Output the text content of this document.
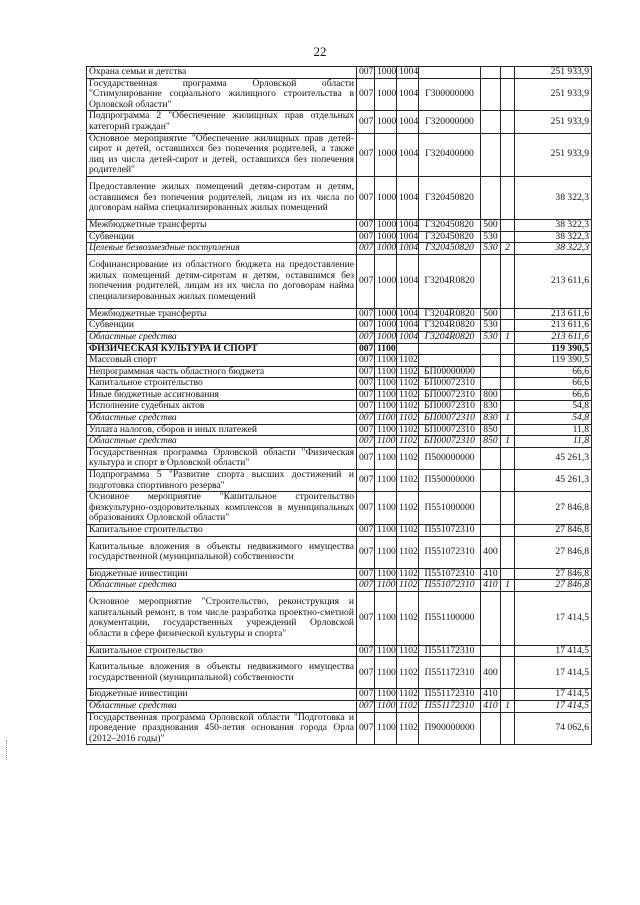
22
Охрана семьи и детства	007	1000	1004				251 933,9
Государственная программа Орловской области "Стимулирование социального жилищного строительства в Орловской области"	007	1000	1004	Г300000000			251 933,9
Подпрограмма 2 "Обеспечение жилищных прав отдельных категорий граждан"	007	1000	1004	Г320000000			251 933,9
Основное мероприятие "Обеспечение жилищных прав детей-сирот и детей, оставшихся без попечения родителей, а также лиц из числа детей-сирот и детей, оставшихся без попечения родителей"	007	1000	1004	Г320400000			251 933,9
Предоставление жилых помещений детям-сиротам и детям, оставшимся без попечения родителей, лицам из их числа по договорам найма специализированных жилых помещений	007	1000	1004	Г320450820			38 322,3
Межбюджетные трансферты	007	1000	1004	Г320450820	500		38 322,3
Субвенции	007	1000	1004	Г320450820	530		38 322,3
Целевые безвозмездные поступления	007	1000	1004	Г320450820	530	2	38 322,3
Софинансирование из областного бюджета на предоставление жилых помещений детям-сиротам и детям, оставшимся без попечения родителей, лицам из их числа по договорам найма специализированных жилых помещений	007	1000	1004	Г3204R0820			213 611,6
Межбюджетные трансферты	007	1000	1004	Г3204R0820	500		213 611,6
Субвенции	007	1000	1004	Г3204R0820	530		213 611,6
Областные средства	007	1000	1004	Г3204R0820	530	1	213 611,6
ФИЗИЧЕСКАЯ КУЛЬТУРА И СПОРТ	007	1100					119 390,5
Массовый спорт	007	1100	1102				119 390,5
Непрограммная часть областного бюджета	007	1100	1102	БП00000000			66,6
Капитальное строительство	007	1100	1102	БП00072310			66,6
Иные бюджетные ассигнования	007	1100	1102	БП00072310	800		66,6
Исполнение судебных актов	007	1100	1102	БП00072310	830		54,8
Областные средства	007	1100	1102	БП00072310	830	1	54,8
Уплата налогов, сборов и иных платежей	007	1100	1102	БП00072310	850		11,8
Областные средства	007	1100	1102	БП00072310	850	1	11,8
Государственная программа Орловской области "Физическая культура и спорт в Орловской области"	007	1100	1102	П500000000			45 261,3
Подпрограмма 5 "Развитие спорта высших достижений и подготовка спортивного резерва"	007	1100	1102	П550000000			45 261,3
Основное мероприятие "Капитальное строительство физкультурно-оздоровительных комплексов в муниципальных образованиях Орловской области"	007	1100	1102	П551000000			27 846,8
Капитальное строительство	007	1100	1102	П551072310			27 846,8
Капитальные вложения в объекты недвижимого имущества государственной (муниципальной) собственности	007	1100	1102	П551072310	400		27 846,8
Бюджетные инвестиции	007	1100	1102	П551072310	410		27 846,8
Областные средства	007	1100	1102	П551072310	410	1	27 846,8
Основное мероприятие "Строительство, реконструкция и капитальный ремонт, в том числе разработка проектно-сметной документации, государственных учреждений Орловской области в сфере физической культуры и спорта"	007	1100	1102	П551100000			17 414,5
Капитальное строительство	007	1100	1102	П551172310			17 414,5
Капитальные вложения в объекты недвижимого имущества государственной (муниципальной) собственности	007	1100	1102	П551172310	400		17 414,5
Бюджетные инвестиции	007	1100	1102	П551172310	410		17 414,5
Областные средства	007	1100	1102	П551172310	410	1	17 414,5
Государственная программа Орловской области "Подготовка и проведение празднования 450-летия основания города Орла (2012–2016 годы)"	007	1100	1102	П900000000			74 062,6
